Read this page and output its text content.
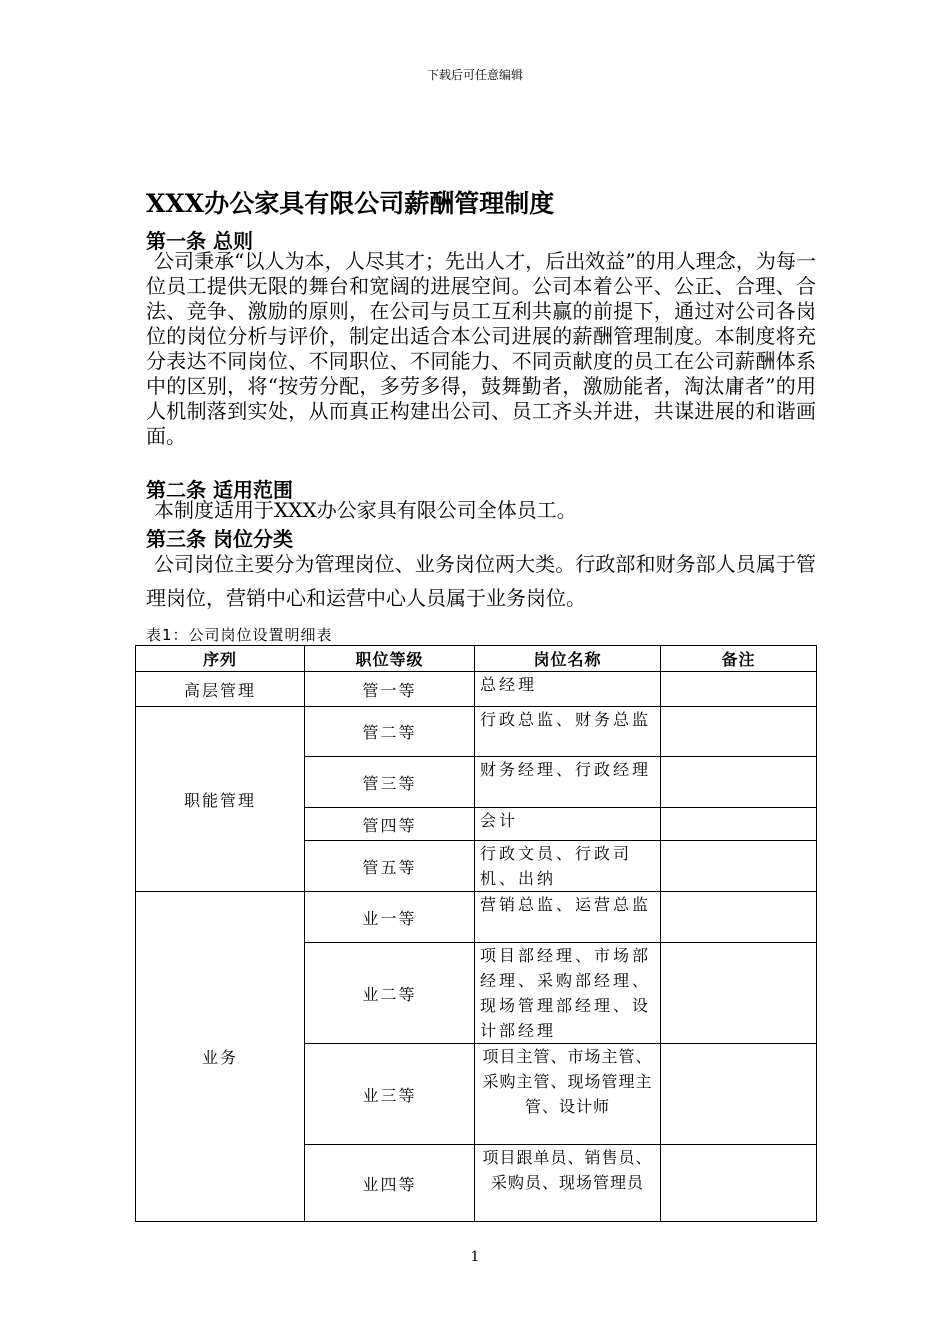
下载后可任意编辑
XXX办公家具有限公司薪酬管理制度
第一条 总则
公司秉承“以人为本，人尽其才；先出人才，后出效益”的用人理念，为每一位员工提供无限的舞台和宽阔的进展空间。公司本着公平、公正、合理、合法、竞争、激励的原则，在公司与员工互利共赢的前提下，通过对公司各岗位的岗位分析与评价，制定出适合本公司进展的薪酬管理制度。本制度将充分表达不同岗位、不同职位、不同能力、不同贡献度的员工在公司薪酬体系中的区别，将“按劳分配，多劳多得，鼓舞勤者，激励能者，淘汰庸者”的用人机制落到实处，从而真正构建出公司、员工齐头并进，共谋进展的和谐画面。
第二条 适用范围
本制度适用于XXX办公家具有限公司全体员工。
第三条 岗位分类
公司岗位主要分为管理岗位、业务岗位两大类。行政部和财务部人员属于管理岗位，营销中心和运营中心人员属于业务岗位。
表1：公司岗位设置明细表
序列	职位等级	岗位名称	备注
高层管理	管一等	总经理	
职能管理	管二等	行政总监、财务总监	
	管三等	财务经理、行政经理	
	管四等	会计	
	管五等	行政文员、行政司机、出纳	
业务	业一等	营销总监、运营总监	
	业二等	项目部经理、市场部经理、采购部经理、现场管理部经理、设计部经理	
	业三等	项目主管、市场主管、采购主管、现场管理主管、设计师	
	业四等	项目跟单员、销售员、采购员、现场管理员	
1
